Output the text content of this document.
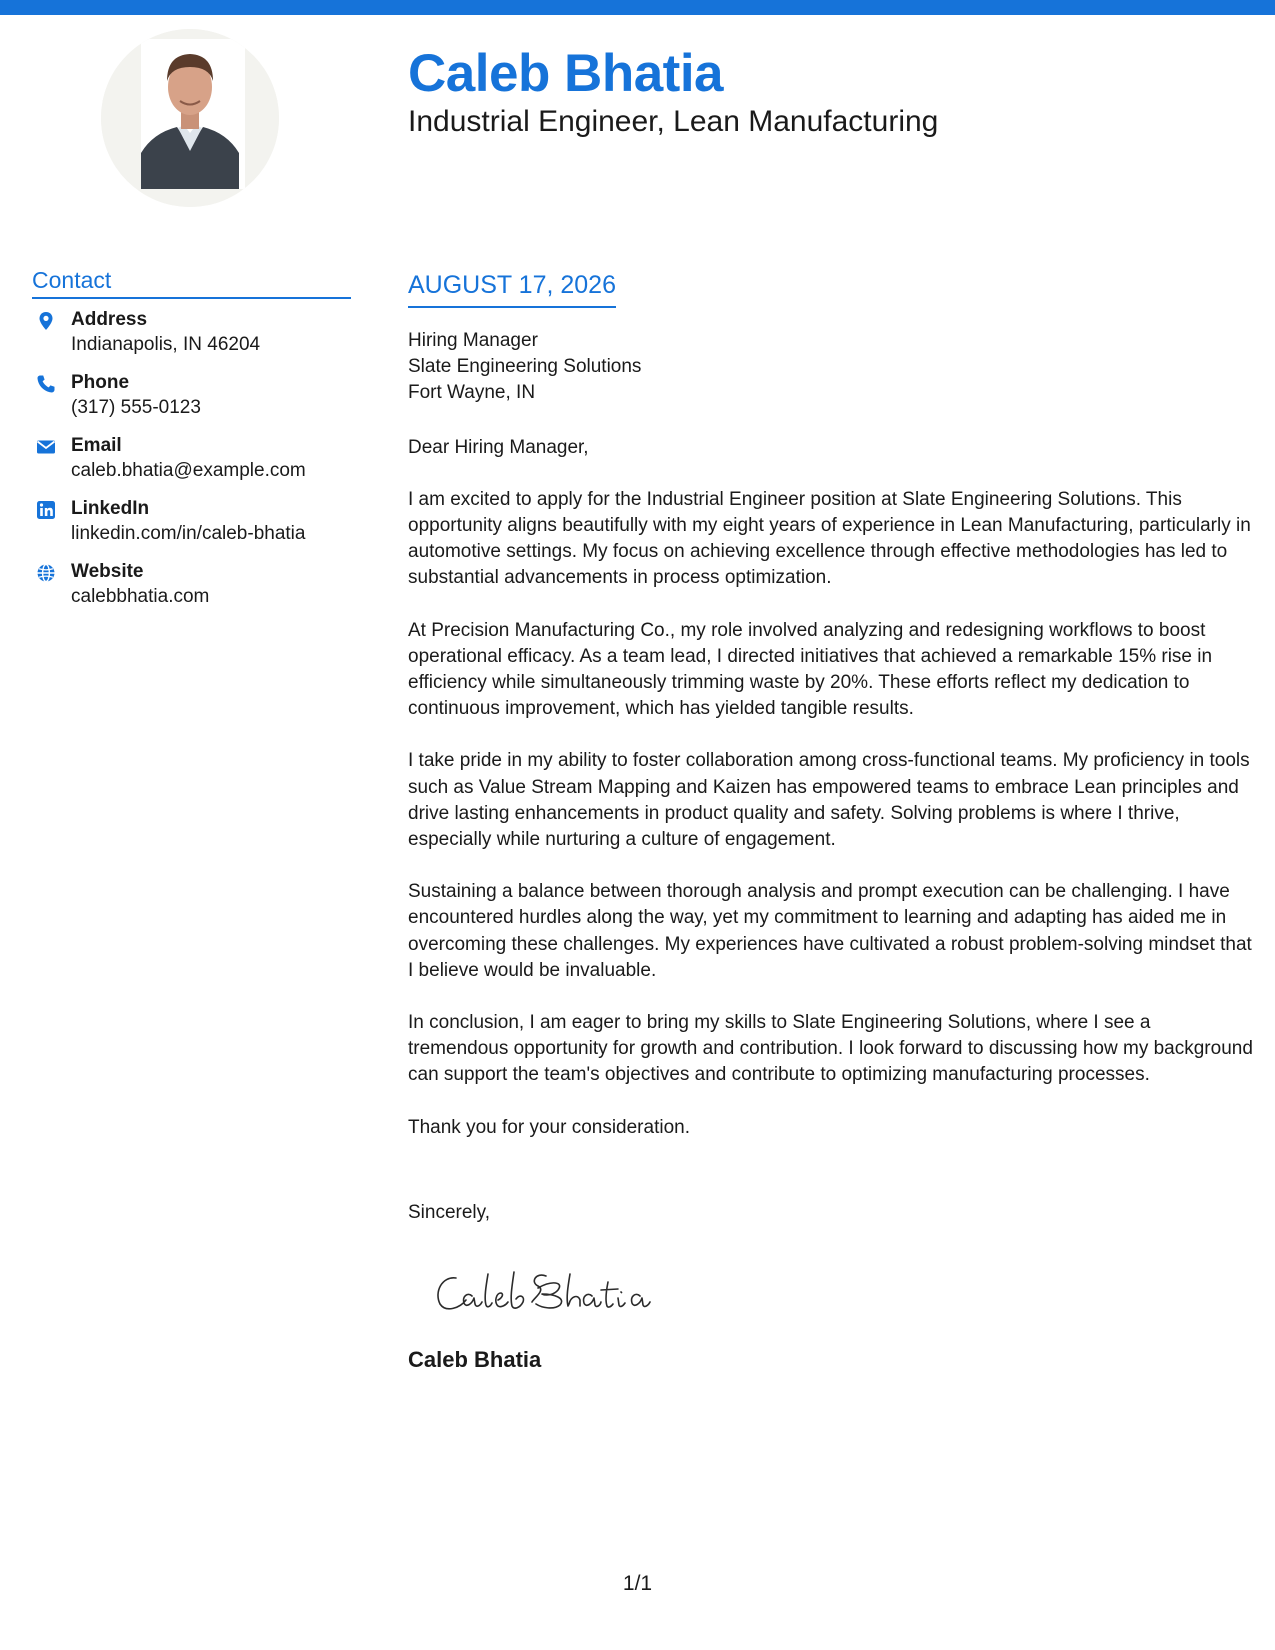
Caleb Bhatia
Industrial Engineer, Lean Manufacturing
Contact
Address
Indianapolis, IN 46204
Phone
(317) 555-0123
Email
caleb.bhatia@example.com
LinkedIn
linkedin.com/in/caleb-bhatia
Website
calebbhatia.com
AUGUST 17, 2026

Hiring Manager

Slate Engineering Solutions

Fort Wayne, IN

Dear Hiring Manager,

I am excited to apply for the Industrial Engineer position at Slate Engineering Solutions. This opportunity aligns beautifully with my eight years of experience in Lean Manufacturing, particularly in automotive settings. My focus on achieving excellence through effective methodologies has led to substantial advancements in process optimization.

At Precision Manufacturing Co., my role involved analyzing and redesigning workflows to boost operational efficacy. As a team lead, I directed initiatives that achieved a remarkable 15% rise in efficiency while simultaneously trimming waste by 20%. These efforts reflect my dedication to continuous improvement, which has yielded tangible results.

I take pride in my ability to foster collaboration among cross-functional teams. My proficiency in tools such as Value Stream Mapping and Kaizen has empowered teams to embrace Lean principles and drive lasting enhancements in product quality and safety. Solving problems is where I thrive, especially while nurturing a culture of engagement.

Sustaining a balance between thorough analysis and prompt execution can be challenging. I have encountered hurdles along the way, yet my commitment to learning and adapting has aided me in overcoming these challenges. My experiences have cultivated a robust problem-solving mindset that I believe would be invaluable.

In conclusion, I am eager to bring my skills to Slate Engineering Solutions, where I see a tremendous opportunity for growth and contribution. I look forward to discussing how my background can support the team's objectives and contribute to optimizing manufacturing processes.

Thank you for your consideration.

Sincerely,
Caleb Bhatia
1/1
